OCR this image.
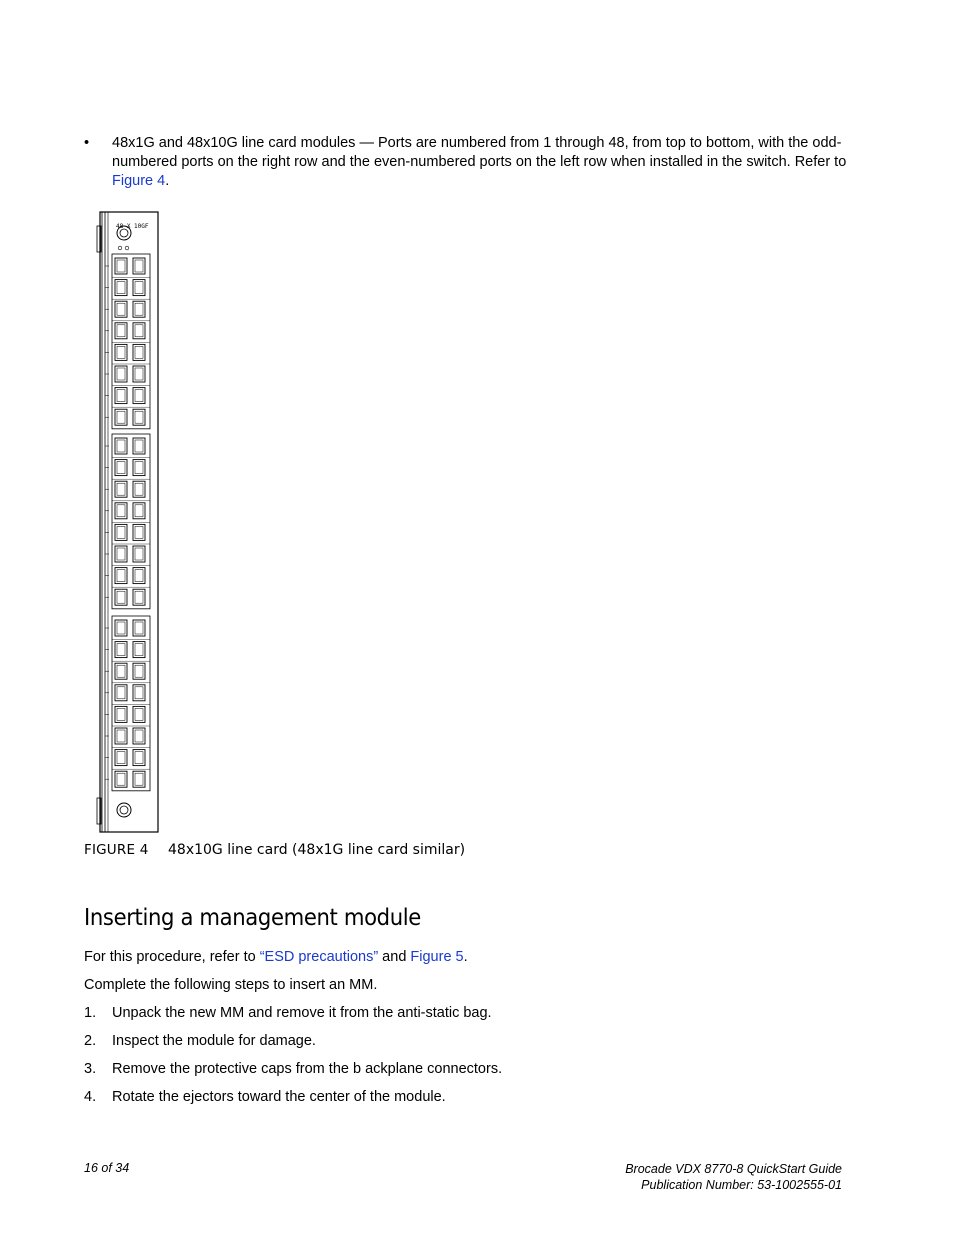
• 48x1G and 48x10G line card modules — Ports are numbered from 1 through 48, from top to bottom, with the odd-numbered ports on the right row and the even-numbered ports on the left row when installed in the switch. Refer to Figure 4.
48 X 10GF
FIGURE 4 48x10G line card (48x1G line card similar)
Inserting a management module
For this procedure, refer to “ESD precautions” and Figure 5.
Complete the following steps to insert an MM.
1. Unpack the new MM and remove it from the anti-static bag.
2. Inspect the module for damage.
3. Remove the protective caps from the b ackplane connectors.
4. Rotate the ejectors toward the center of the module.
16 of 34	Brocade VDX 8770-8 QuickStart Guide
Publication Number: 53-1002555-01
